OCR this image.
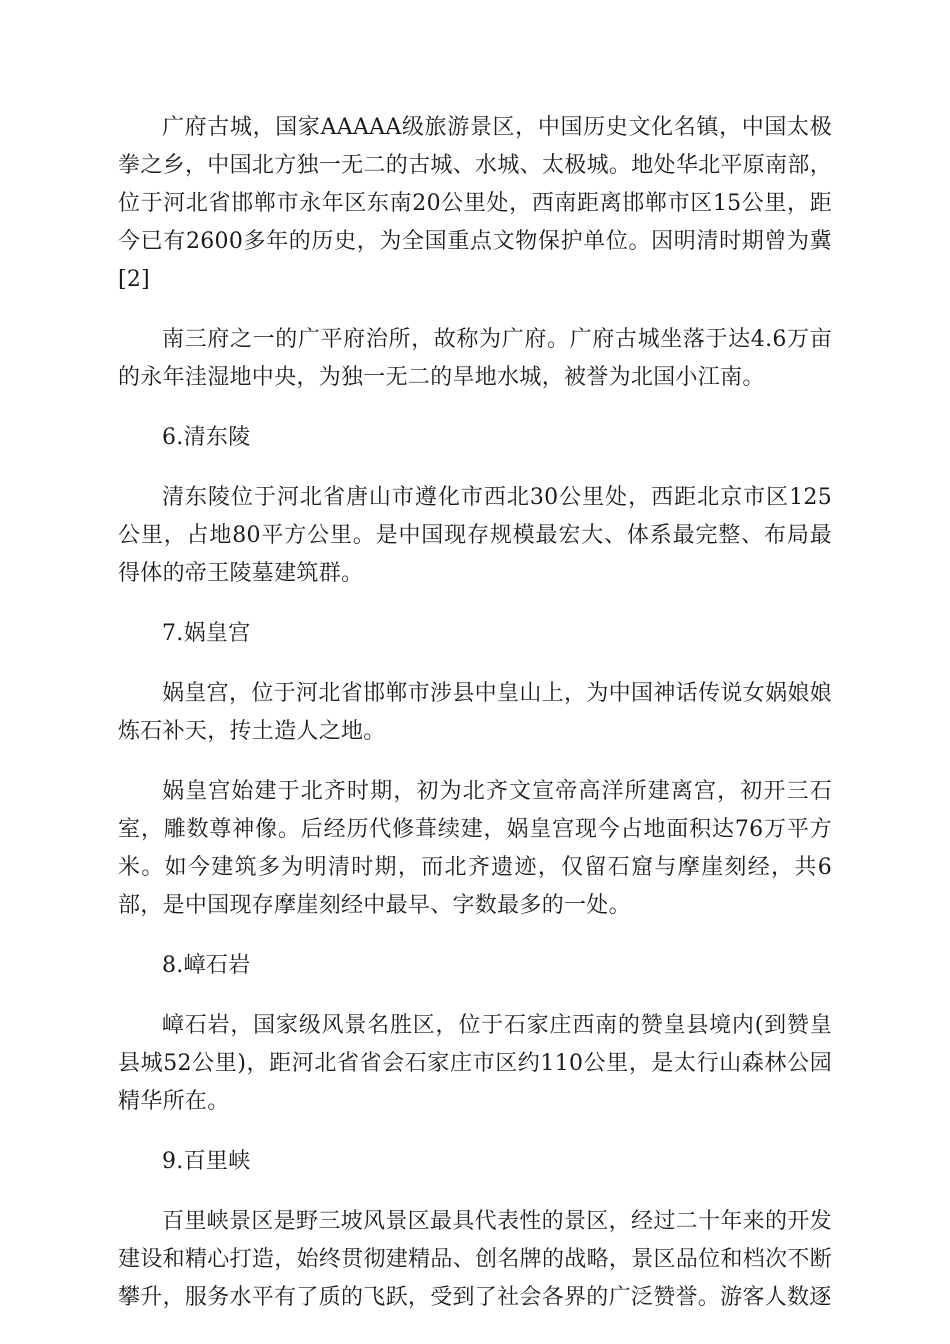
广府古城，国家AAAAA级旅游景区，中国历史文化名镇，中国太极拳之乡，中国北方独一无二的古城、水城、太极城。地处华北平原南部，位于河北省邯郸市永年区东南20公里处，西南距离邯郸市区15公里，距今已有2600多年的历史，为全国重点文物保护单位。因明清时期曾为冀[2]

南三府之一的广平府治所，故称为广府。广府古城坐落于达4.6万亩的永年洼湿地中央，为独一无二的旱地水城，被誉为北国小江南。

6.清东陵

清东陵位于河北省唐山市遵化市西北30公里处，西距北京市区125公里，占地80平方公里。是中国现存规模最宏大、体系最完整、布局最得体的帝王陵墓建筑群。

7.娲皇宫

娲皇宫，位于河北省邯郸市涉县中皇山上，为中国神话传说女娲娘娘炼石补天，抟土造人之地。

娲皇宫始建于北齐时期，初为北齐文宣帝高洋所建离宫，初开三石室，雕数尊神像。后经历代修葺续建，娲皇宫现今占地面积达76万平方米。如今建筑多为明清时期，而北齐遗迹，仅留石窟与摩崖刻经，共6部，是中国现存摩崖刻经中最早、字数最多的一处。

8.嶂石岩

嶂石岩，国家级风景名胜区，位于石家庄西南的赞皇县境内(到赞皇县城52公里)，距河北省省会石家庄市区约110公里，是太行山森林公园精华所在。

9.百里峡

百里峡景区是野三坡风景区最具代表性的景区，经过二十年来的开发建设和精心打造，始终贯彻建精品、创名牌的战略，景区品位和档次不断攀升，服务水平有了质的飞跃，受到了社会各界的广泛赞誉。游客人数逐
